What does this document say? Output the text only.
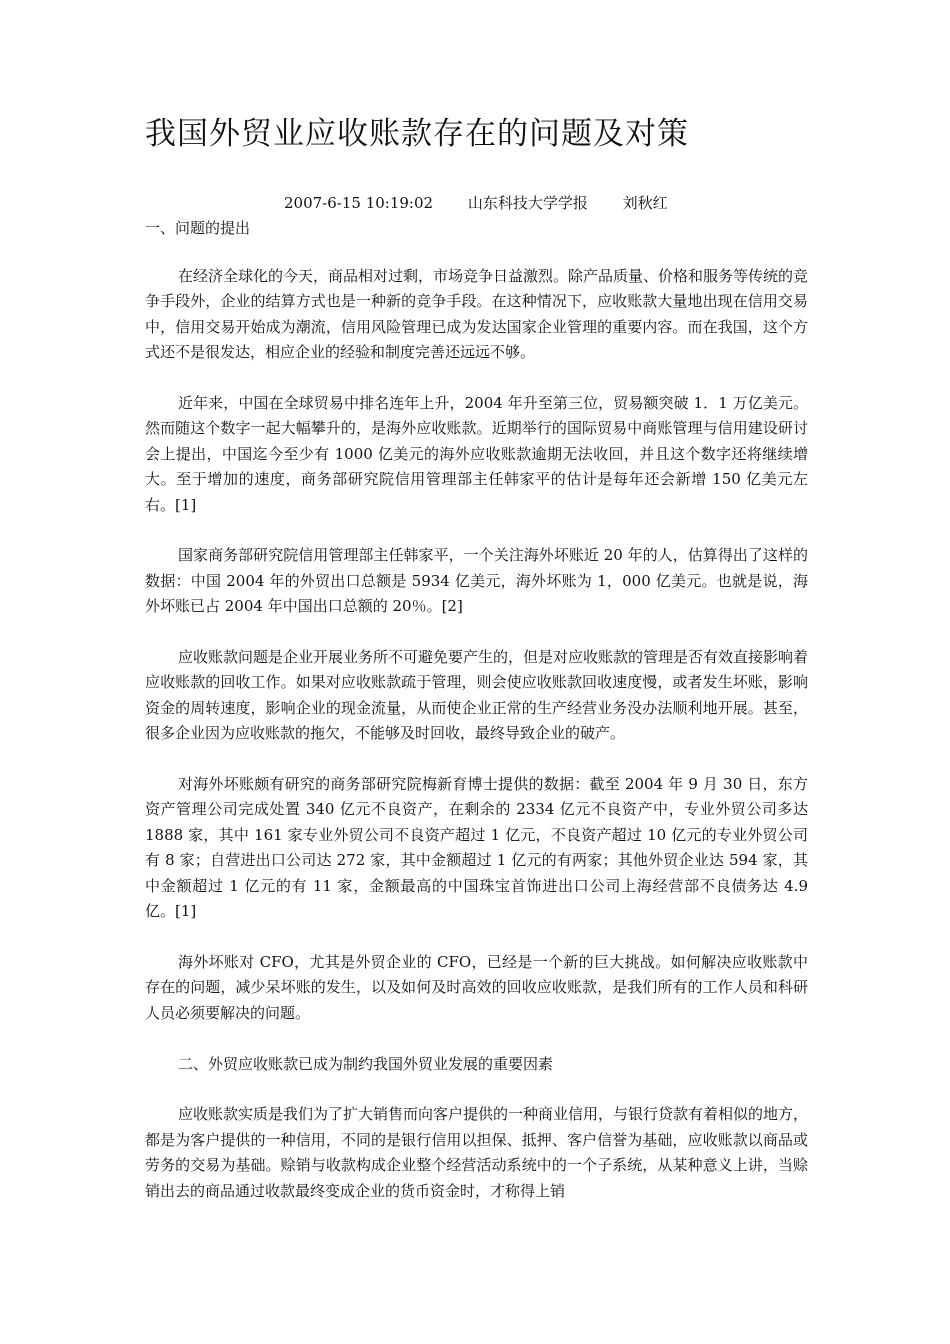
我国外贸业应收账款存在的问题及对策
2007-6-15 10:19:02 山东科技大学学报 刘秋红
一、问题的提出

在经济全球化的今天，商品相对过剩，市场竞争日益激烈。除产品质量、价格和服务等传统的竞争手段外，企业的结算方式也是一种新的竞争手段。在这种情况下，应收账款大量地出现在信用交易中，信用交易开始成为潮流，信用风险管理已成为发达国家企业管理的重要内容。而在我国，这个方式还不是很发达，相应企业的经验和制度完善还远远不够。

近年来，中国在全球贸易中排名连年上升，2004 年升至第三位，贸易额突破 1．1 万亿美元。然而随这个数字一起大幅攀升的，是海外应收账款。近期举行的国际贸易中商账管理与信用建设研讨会上提出，中国迄今至少有 1000 亿美元的海外应收账款逾期无法收回，并且这个数字还将继续增大。至于增加的速度，商务部研究院信用管理部主任韩家平的估计是每年还会新增 150 亿美元左右。[1]

国家商务部研究院信用管理部主任韩家平，一个关注海外坏账近 20 年的人，估算得出了这样的数据：中国 2004 年的外贸出口总额是 5934 亿美元，海外坏账为 1，000 亿美元。也就是说，海外坏账已占 2004 年中国出口总额的 20％。[2]

应收账款问题是企业开展业务所不可避免要产生的，但是对应收账款的管理是否有效直接影响着应收账款的回收工作。如果对应收账款疏于管理，则会使应收账款回收速度慢，或者发生坏账，影响资金的周转速度，影响企业的现金流量，从而使企业正常的生产经营业务没办法顺利地开展。甚至，很多企业因为应收账款的拖欠，不能够及时回收，最终导致企业的破产。

对海外坏账颇有研究的商务部研究院梅新育博士提供的数据：截至 2004 年 9 月 30 日，东方资产管理公司完成处置 340 亿元不良资产，在剩余的 2334 亿元不良资产中，专业外贸公司多达 1888 家，其中 161 家专业外贸公司不良资产超过 1 亿元，不良资产超过 10 亿元的专业外贸公司有 8 家；自营进出口公司达 272 家，其中金额超过 1 亿元的有两家；其他外贸企业达 594 家，其中金额超过 1 亿元的有 11 家，金额最高的中国珠宝首饰进出口公司上海经营部不良债务达 4.9 亿。[1]

海外坏账对 CFO，尤其是外贸企业的 CFO，已经是一个新的巨大挑战。如何解决应收账款中存在的问题，减少呆坏账的发生，以及如何及时高效的回收应收账款，是我们所有的工作人员和科研人员必须要解决的问题。

二、外贸应收账款已成为制约我国外贸业发展的重要因素

应收账款实质是我们为了扩大销售而向客户提供的一种商业信用，与银行贷款有着相似的地方，都是为客户提供的一种信用，不同的是银行信用以担保、抵押、客户信誉为基础，应收账款以商品或劳务的交易为基础。赊销与收款构成企业整个经营活动系统中的一个子系统，从某种意义上讲，当赊销出去的商品通过收款最终变成企业的货币资金时，才称得上销
